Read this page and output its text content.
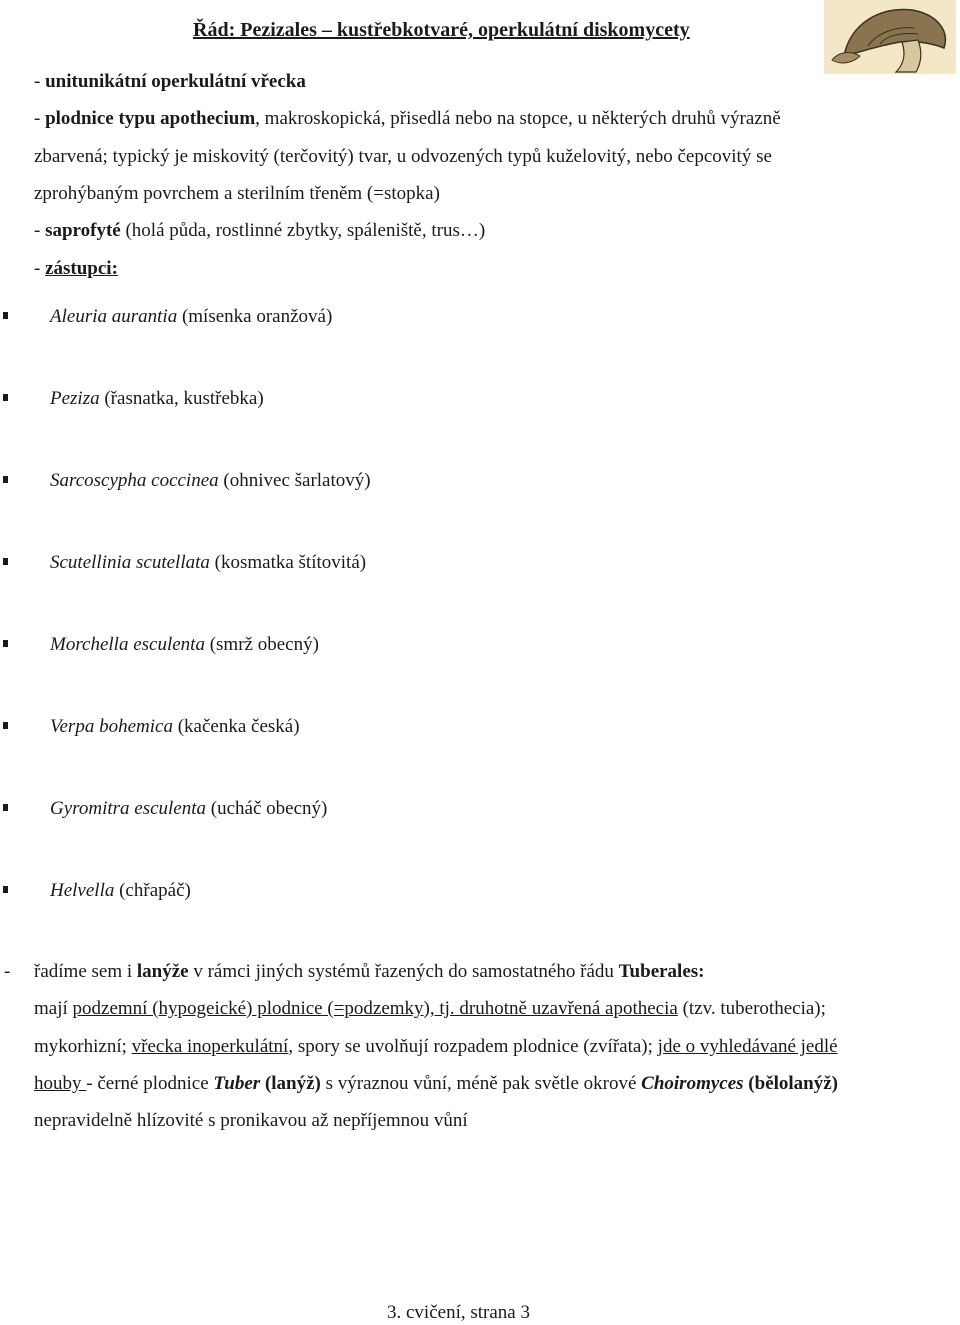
Řád: Pezizales – kustřebkotvaré, operkulátní diskomycety
- unitunikátní operkulátní vřecka
- plodnice typu apothecium, makroskopická, přisedlá nebo na stopce, u některých druhů výrazně
zbarvená; typický je miskovitý (terčovitý) tvar, u odvozených typů kuželovitý, nebo čepcovitý se
zprohýbaným povrchem a sterilním třeněm (=stopka)
- saprofyté (holá půda, rostlinné zbytky, spáleniště, trus…)
- zástupci:
Aleuria aurantia (mísenka oranžová)
Peziza (řasnatka, kustřebka)
Sarcoscypha coccinea (ohnivec šarlatový)
Scutellinia scutellata (kosmatka štítovitá)
Morchella esculenta (smrž obecný)
Verpa bohemica (kačenka česká)
Gyromitra esculenta (ucháč obecný)
Helvella (chřapáč)
- řadíme sem i lanýže v rámci jiných systémů řazených do samostatného řádu Tuberales:
mají podzemní (hypogeické) plodnice (=podzemky), tj. druhotně uzavřená apothecia (tzv. tuberothecia);
mykorhizní; vřecka inoperkulátní, spory se uvolňují rozpadem plodnice (zvířata); jde o vyhledávané jedlé
houby - černé plodnice Tuber (lanýž) s výraznou vůní, méně pak světle okrové Choiromyces (bělolanýž)
nepravidelně hlízovité s pronikavou až nepříjemnou vůní
3. cvičení, strana 3
